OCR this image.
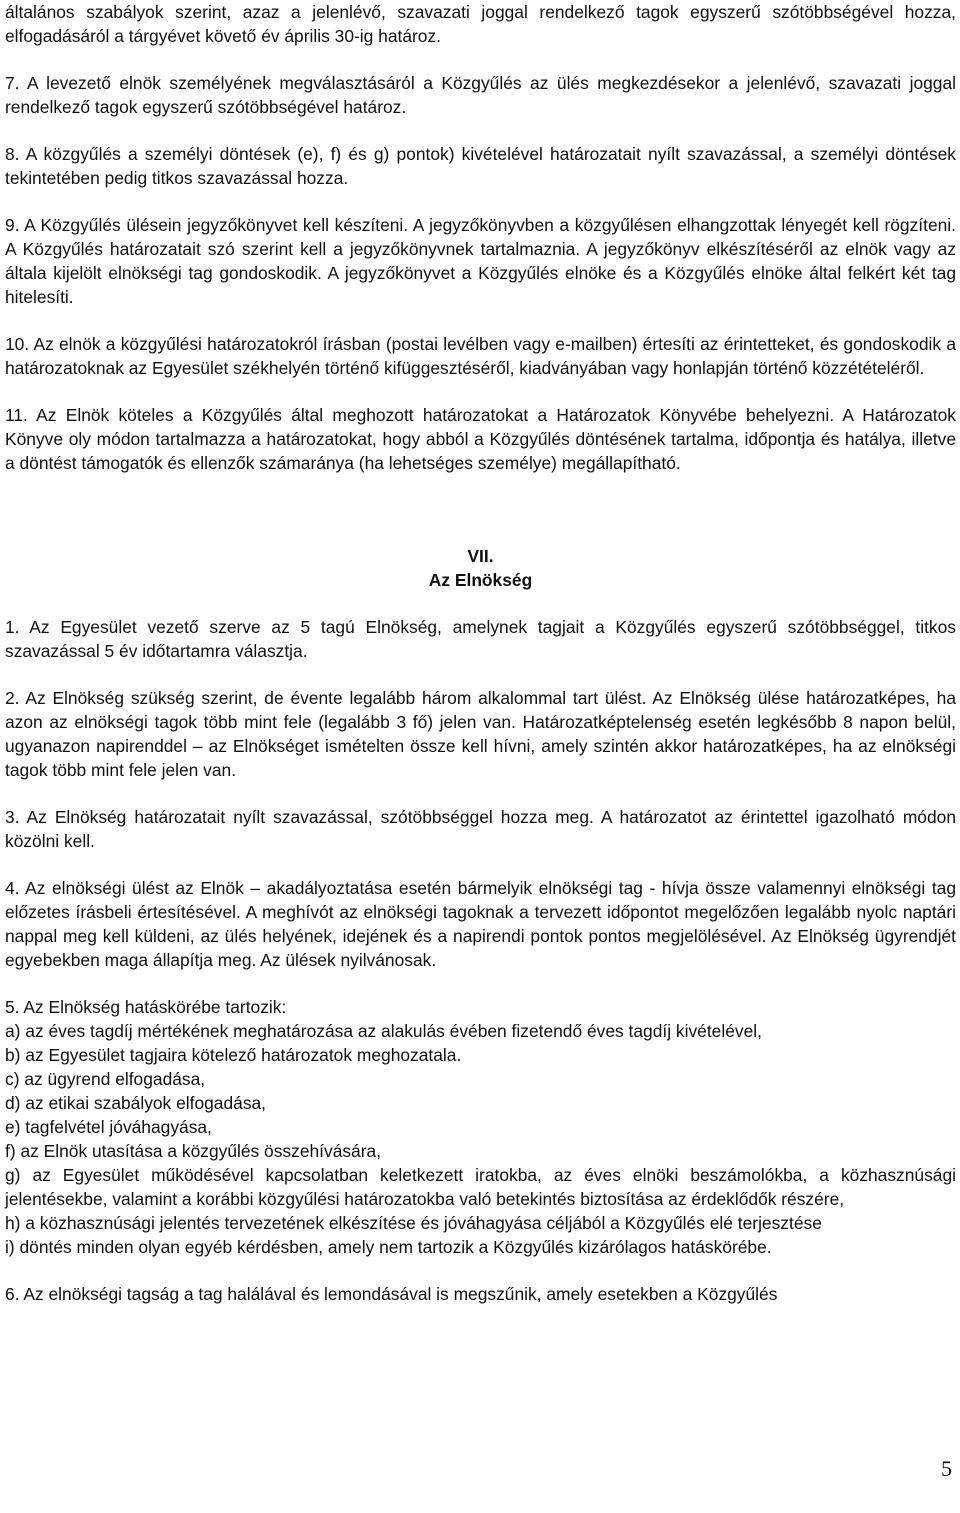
általános szabályok szerint, azaz a jelenlévő, szavazati joggal rendelkező tagok egyszerű szótöbbségével hozza, elfogadásáról a tárgyévet követő év április 30-ig határoz.

7. A levezető elnök személyének megválasztásáról a Közgyűlés az ülés megkezdésekor a jelenlévő, szavazati joggal rendelkező tagok egyszerű szótöbbségével határoz.

8. A közgyűlés a személyi döntések (e), f) és g) pontok) kivételével határozatait nyílt szavazással, a személyi döntések tekintetében pedig titkos szavazással hozza.

9. A Közgyűlés ülésein jegyzőkönyvet kell készíteni. A jegyzőkönyvben a közgyűlésen elhangzottak lényegét kell rögzíteni. A Közgyűlés határozatait szó szerint kell a jegyzőkönyvnek tartalmaznia. A jegyzőkönyv elkészítéséről az elnök vagy az általa kijelölt elnökségi tag gondoskodik. A jegyzőkönyvet a Közgyűlés elnöke és a Közgyűlés elnöke által felkért két tag hitelesíti.

10. Az elnök a közgyűlési határozatokról írásban (postai levélben vagy e-mailben) értesíti az érintetteket, és gondoskodik a határozatoknak az Egyesület székhelyén történő kifüggesztéséről, kiadványában vagy honlapján történő közzétételéről.

11. Az Elnök köteles a Közgyűlés által meghozott határozatokat a Határozatok Könyvébe behelyezni. A Határozatok Könyve oly módon tartalmazza a határozatokat, hogy abból a Közgyűlés döntésének tartalma, időpontja és hatálya, illetve a döntést támogatók és ellenzők számaránya (ha lehetséges személye) megállapítható.

VII.
Az Elnökség

1. Az Egyesület vezető szerve az 5 tagú Elnökség, amelynek tagjait a Közgyűlés egyszerű szótöbbséggel, titkos szavazással 5 év időtartamra választja.

2. Az Elnökség szükség szerint, de évente legalább három alkalommal tart ülést. Az Elnökség ülése határozatképes, ha azon az elnökségi tagok több mint fele (legalább 3 fő) jelen van. Határozatképtelenség esetén legkésőbb 8 napon belül, ugyanazon napirenddel – az Elnökséget ismételten össze kell hívni, amely szintén akkor határozatképes, ha az elnökségi tagok több mint fele jelen van.

3. Az Elnökség határozatait nyílt szavazással, szótöbbséggel hozza meg. A határozatot az érintettel igazolható módon közölni kell.

4. Az elnökségi ülést az Elnök – akadályoztatása esetén bármelyik elnökségi tag - hívja össze valamennyi elnökségi tag előzetes írásbeli értesítésével. A meghívót az elnökségi tagoknak a tervezett időpontot megelőzően legalább nyolc naptári nappal meg kell küldeni, az ülés helyének, idejének és a napirendi pontok pontos megjelölésével. Az Elnökség ügyrendjét egyebekben maga állapítja meg. Az ülések nyilvánosak.

5. Az Elnökség hatáskörébe tartozik:
a) az éves tagdíj mértékének meghatározása az alakulás évében fizetendő éves tagdíj kivételével,
b) az Egyesület tagjaira kötelező határozatok meghozatala.
c) az ügyrend elfogadása,
d) az etikai szabályok elfogadása,
e) tagfelvétel jóváhagyása,
f) az Elnök utasítása a közgyűlés összehívására,
g) az Egyesület működésével kapcsolatban keletkezett iratokba, az éves elnöki beszámolókba, a közhasznúsági jelentésekbe, valamint a korábbi közgyűlési határozatokba való betekintés biztosítása az érdeklődők részére,
h) a közhasznúsági jelentés tervezetének elkészítése és jóváhagyása céljából a Közgyűlés elé terjesztése
i) döntés minden olyan egyéb kérdésben, amely nem tartozik a Közgyűlés kizárólagos hatáskörébe.

6. Az elnökségi tagság a tag halálával és lemondásával is megszűnik, amely esetekben a Közgyűlés

5
